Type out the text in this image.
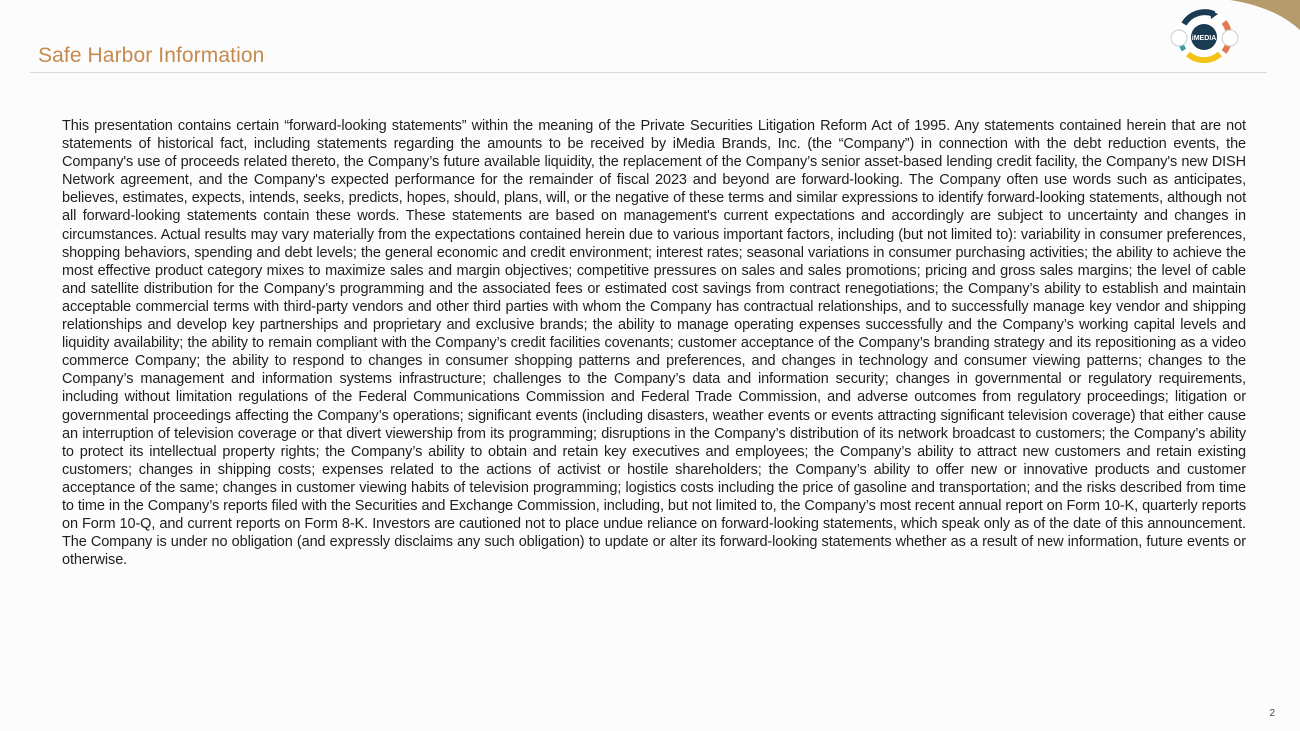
iMEDIA
Safe Harbor Information
This presentation contains certain “forward-looking statements” within the meaning of the Private Securities Litigation Reform Act of 1995. Any statements contained herein that are not statements of historical fact, including statements regarding the amounts to be received by iMedia Brands, Inc. (the “Company”) in connection with the debt reduction events, the Company's use of proceeds related thereto, the Company’s future available liquidity, the replacement of the Company’s senior asset-based lending credit facility, the Company's new DISH Network agreement, and the Company's expected performance for the remainder of fiscal 2023 and beyond are forward-looking. The Company often use words such as anticipates, believes, estimates, expects, intends, seeks, predicts, hopes, should, plans, will, or the negative of these terms and similar expressions to identify forward-looking statements, although not all forward-looking statements contain these words. These statements are based on management's current expectations and accordingly are subject to uncertainty and changes in circumstances. Actual results may vary materially from the expectations contained herein due to various important factors, including (but not limited to): variability in consumer preferences, shopping behaviors, spending and debt levels; the general economic and credit environment; interest rates; seasonal variations in consumer purchasing activities; the ability to achieve the most effective product category mixes to maximize sales and margin objectives; competitive pressures on sales and sales promotions; pricing and gross sales margins; the level of cable and satellite distribution for the Company’s programming and the associated fees or estimated cost savings from contract renegotiations; the Company’s ability to establish and maintain acceptable commercial terms with third-party vendors and other third parties with whom the Company has contractual relationships, and to successfully manage key vendor and shipping relationships and develop key partnerships and proprietary and exclusive brands; the ability to manage operating expenses successfully and the Company’s working capital levels and liquidity availability; the ability to remain compliant with the Company’s credit facilities covenants; customer acceptance of the Company’s branding strategy and its repositioning as a video commerce Company; the ability to respond to changes in consumer shopping patterns and preferences, and changes in technology and consumer viewing patterns; changes to the Company’s management and information systems infrastructure; challenges to the Company’s data and information security; changes in governmental or regulatory requirements, including without limitation regulations of the Federal Communications Commission and Federal Trade Commission, and adverse outcomes from regulatory proceedings; litigation or governmental proceedings affecting the Company’s operations; significant events (including disasters, weather events or events attracting significant television coverage) that either cause an interruption of television coverage or that divert viewership from its programming; disruptions in the Company’s distribution of its network broadcast to customers; the Company’s ability to protect its intellectual property rights; the Company’s ability to obtain and retain key executives and employees; the Company’s ability to attract new customers and retain existing customers; changes in shipping costs; expenses related to the actions of activist or hostile shareholders; the Company’s ability to offer new or innovative products and customer acceptance of the same; changes in customer viewing habits of television programming; logistics costs including the price of gasoline and transportation; and the risks described from time to time in the Company’s reports filed with the Securities and Exchange Commission, including, but not limited to, the Company’s most recent annual report on Form 10-K, quarterly reports on Form 10-Q, and current reports on Form 8-K. Investors are cautioned not to place undue reliance on forward-looking statements, which speak only as of the date of this announcement. The Company is under no obligation (and expressly disclaims any such obligation) to update or alter its forward-looking statements whether as a result of new information, future events or otherwise.
2
